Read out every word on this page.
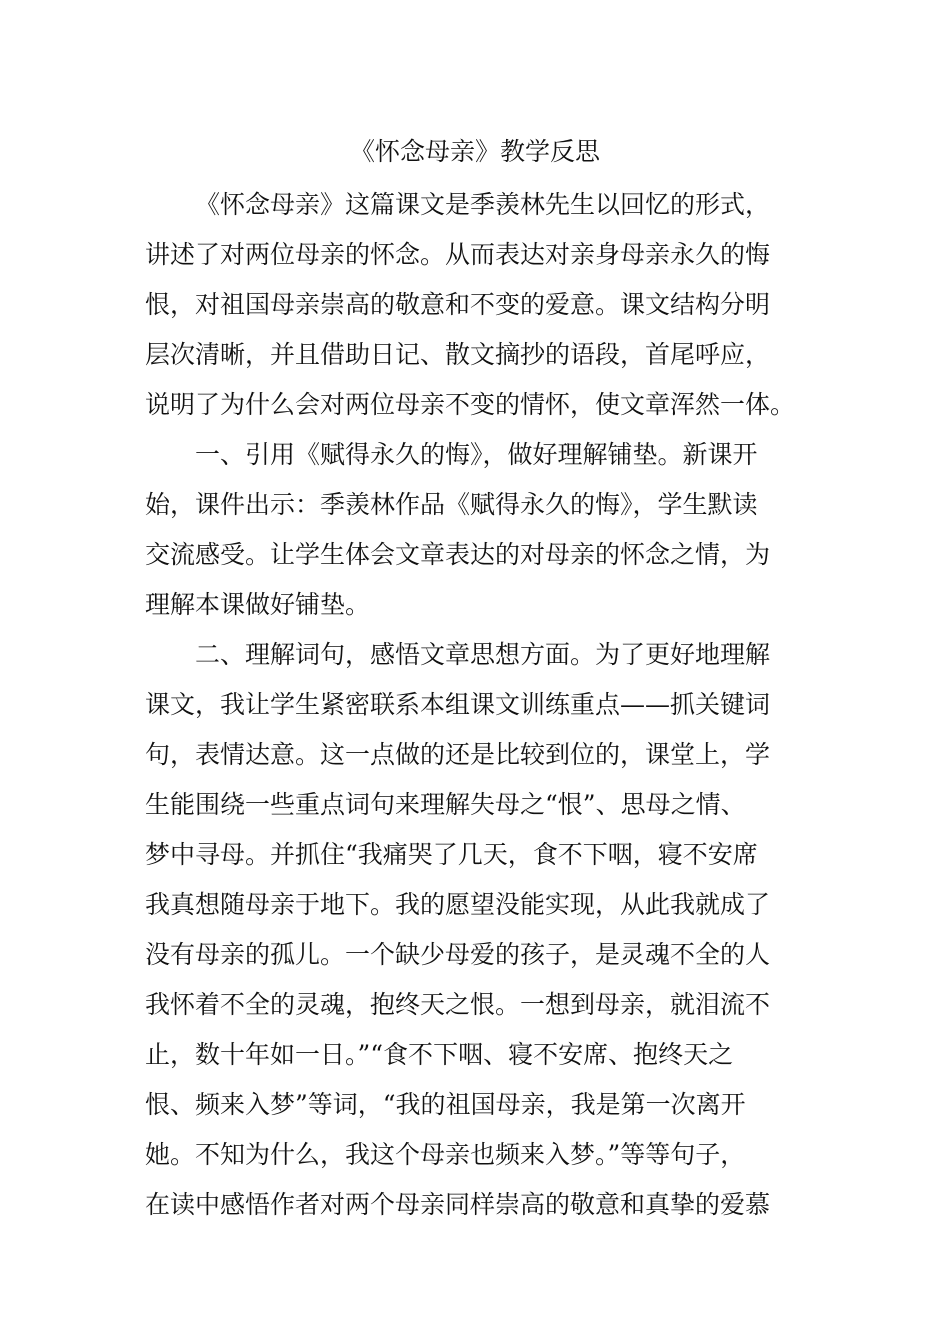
《怀念母亲》教学反思
《怀念母亲》这篇课文是季羡林先生以回忆的形式，
讲述了对两位母亲的怀念。从而表达对亲身母亲永久的悔
恨，对祖国母亲崇高的敬意和不变的爱意。课文结构分明
层次清晰，并且借助日记、散文摘抄的语段，首尾呼应，
说明了为什么会对两位母亲不变的情怀，使文章浑然一体。
一、引用《赋得永久的悔》，做好理解铺垫。新课开
始，课件出示：季羡林作品《赋得永久的悔》，学生默读
交流感受。让学生体会文章表达的对母亲的怀念之情，为
理解本课做好铺垫。
二、理解词句，感悟文章思想方面。为了更好地理解
课文，我让学生紧密联系本组课文训练重点——抓关键词
句，表情达意。这一点做的还是比较到位的，课堂上，学
生能围绕一些重点词句来理解失母之“恨”、思母之情、
梦中寻母。并抓住“我痛哭了几天，食不下咽，寝不安席
我真想随母亲于地下。我的愿望没能实现，从此我就成了
没有母亲的孤儿。一个缺少母爱的孩子，是灵魂不全的人
我怀着不全的灵魂，抱终天之恨。一想到母亲，就泪流不
止，数十年如一日。”“食不下咽、寝不安席、抱终天之
恨、频来入梦”等词，“我的祖国母亲，我是第一次离开
她。不知为什么，我这个母亲也频来入梦。”等等句子，
在读中感悟作者对两个母亲同样崇高的敬意和真挚的爱慕
